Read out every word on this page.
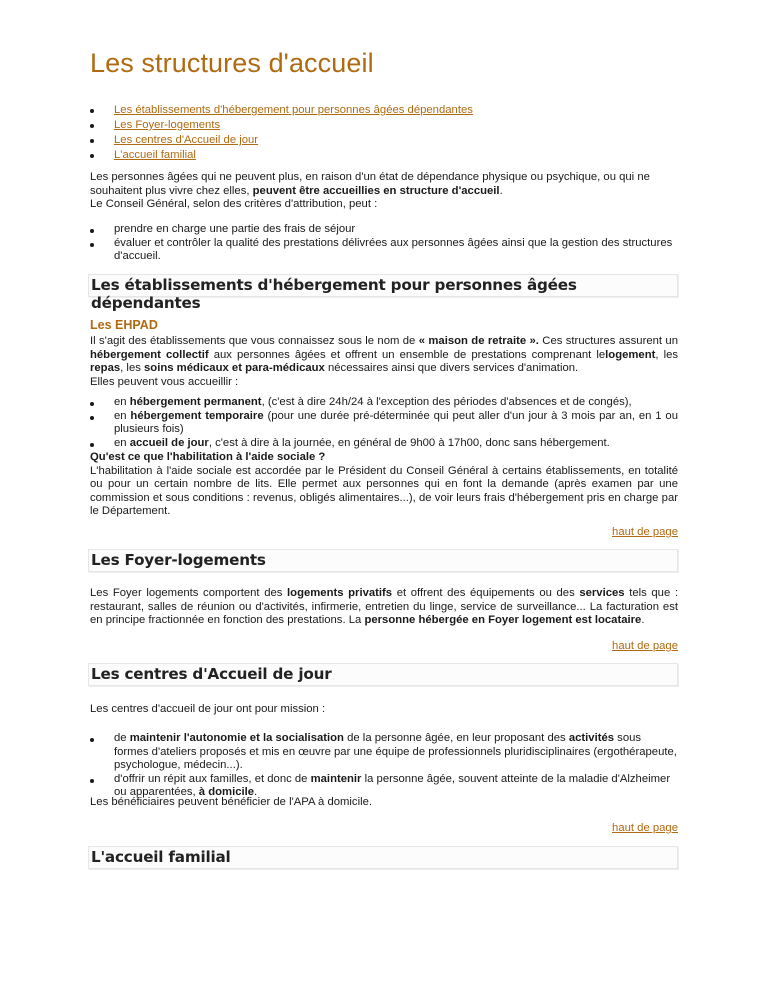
Les structures d'accueil
Les établissements d'hébergement pour personnes âgées dépendantes
Les Foyer-logements
Les centres d'Accueil de jour
L'accueil familial

Les personnes âgées qui ne peuvent plus, en raison d'un état de dépendance physique ou psychique, ou qui ne souhaitent plus vivre chez elles, peuvent être accueillies en structure d'accueil.

Le Conseil Général, selon des critères d'attribution, peut :

prendre en charge une partie des frais de séjour
évaluer et contrôler la qualité des prestations délivrées aux personnes âgées ainsi que la gestion des structures d'accueil.
Les établissements d'hébergement pour personnes âgées dépendantes
Les EHPAD

Il s'agit des établissements que vous connaissez sous le nom de « maison de retraite ». Ces structures assurent un hébergement collectif aux personnes âgées et offrent un ensemble de prestations comprenant lelogement, les repas, les soins médicaux et para-médicaux nécessaires ainsi que divers services d'animation.

Elles peuvent vous accueillir :

en hébergement permanent, (c'est à dire 24h/24 à l'exception des périodes d'absences et de congés),
en hébergement temporaire (pour une durée pré-déterminée qui peut aller d'un jour à 3 mois par an, en 1 ou plusieurs fois)
en accueil de jour, c'est à dire à la journée, en général de 9h00 à 17h00, donc sans hébergement.

Qu'est ce que l'habilitation à l'aide sociale ?

L'habilitation à l'aide sociale est accordée par le Président du Conseil Général à certains établissements, en totalité ou pour un certain nombre de lits. Elle permet aux personnes qui en font la demande (après examen par une commission et sous conditions : revenus, obligés alimentaires...), de voir leurs frais d'hébergement pris en charge par le Département.

haut de page
Les Foyer-logements

Les Foyer logements comportent des logements privatifs et offrent des équipements ou des services tels que : restaurant, salles de réunion ou d'activités, infirmerie, entretien du linge, service de surveillance... La facturation est en principe fractionnée en fonction des prestations. La personne hébergée en Foyer logement est locataire.

haut de page
Les centres d'Accueil de jour
Les centres d'accueil de jour ont pour mission :
de maintenir l'autonomie et la socialisation de la personne âgée, en leur proposant des activités sous formes d'ateliers proposés et mis en œuvre par une équipe de professionnels pluridisciplinaires (ergothérapeute, psychologue, médecin...).
d'offrir un répit aux familles, et donc de maintenir la personne âgée, souvent atteinte de la maladie d'Alzheimer ou apparentées, à domicile.
Les bénéficiaires peuvent bénéficier de l'APA à domicile.
haut de page
L'accueil familial
